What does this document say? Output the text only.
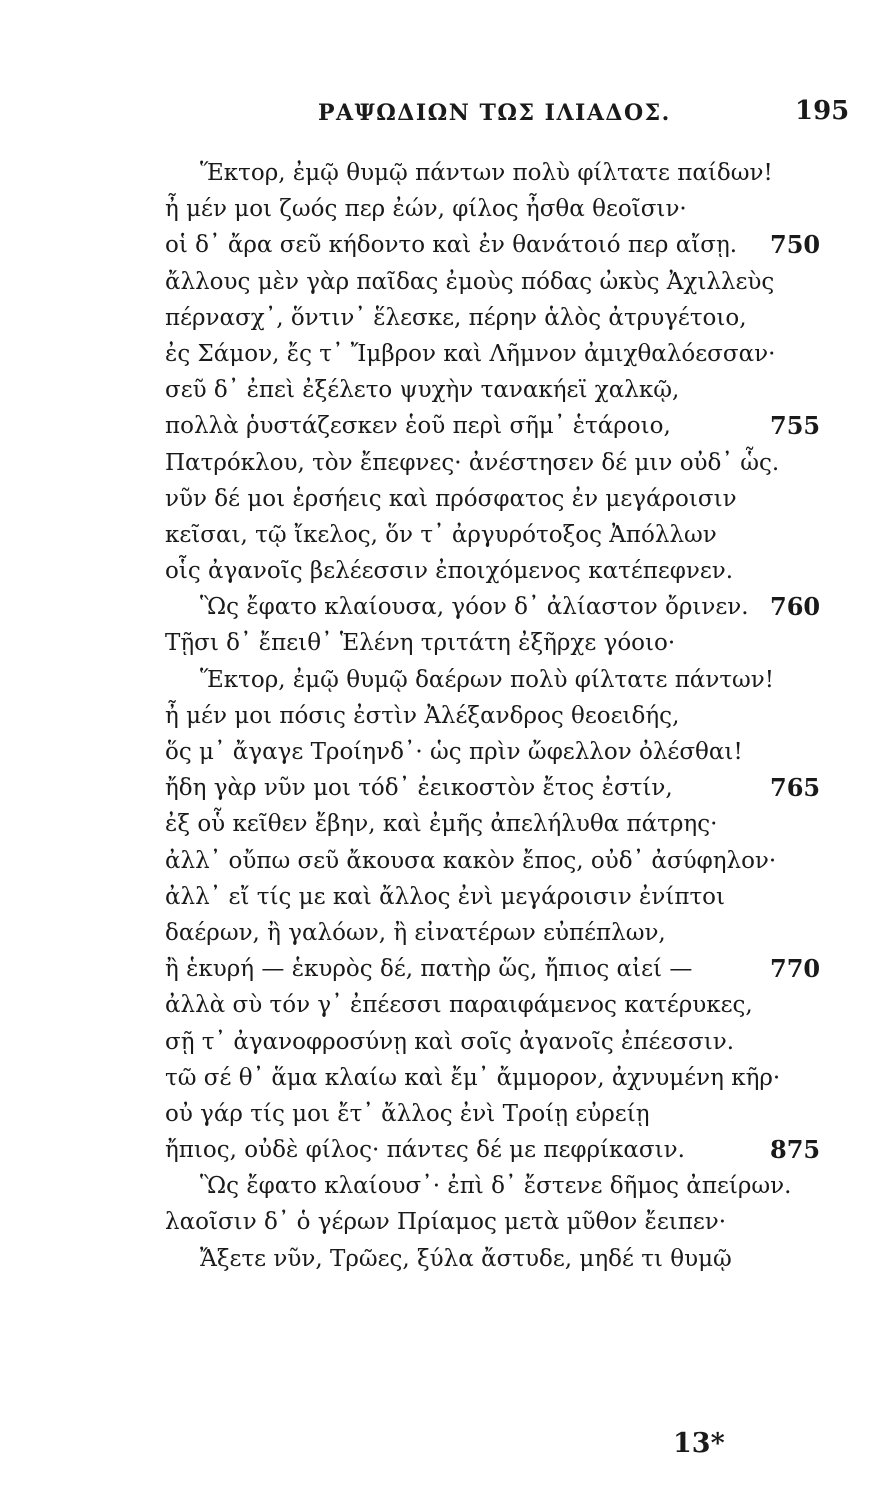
ΡΑΨΩΔΙΩΝ ΤΩΣ ΙΛΙΑΔΟΣ.	195
Ἕκτορ, ἐμῷ θυμῷ πάντων πολὺ φίλτατε παίδων!
ἦ μέν μοι ζωός περ ἐών, φίλος ἦσθα θεοῖσιν·
οἱ δ᾽ ἄρα σεῦ κήδοντο καὶ ἐν θανάτοιό περ αἴσῃ. 750
ἄλλους μὲν γὰρ παῖδας ἐμοὺς πόδας ὠκὺς Ἀχιλλεὺς
πέρνασχ᾽, ὅντιν᾽ ἕλεσκε, πέρην ἁλὸς ἀτρυγέτοιο,
ἐς Σάμον, ἔς τ᾽ Ἴμβρον καὶ Λῆμνον ἀμιχθαλόεσσαν·
σεῦ δ᾽ ἐπεὶ ἐξέλετο ψυχὴν τανακήεϊ χαλκῷ,
πολλὰ ῥυστάζεσκεν ἑοῦ περὶ σῆμ᾽ ἑτάροιο,	755
Πατρόκλου, τὸν ἔπεφνες· ἀνέστησεν δέ μιν οὐδ᾽ ὧς.
νῦν δέ μοι ἑρσήεις καὶ πρόσφατος ἐν μεγάροισιν
κεῖσαι, τῷ ἴκελος, ὅν τ᾽ ἀργυρότοξος Ἀπόλλων
οἷς ἀγανοῖς βελέεσσιν ἐποιχόμενος κατέπεφνεν.
Ὣς ἔφατο κλαίουσα, γόον δ᾽ ἀλίαστον ὄρινεν. 760
Τῇσι δ᾽ ἔπειθ᾽ Ἑλένη τριτάτη ἐξῆρχε γόοιο·
Ἕκτορ, ἐμῷ θυμῷ δαέρων πολὺ φίλτατε πάντων!
ἦ μέν μοι πόσις ἐστὶν Ἀλέξανδρος θεοειδής,
ὅς μ᾽ ἄγαγε Τροίηνδ᾽· ὡς πρὶν ὤφελλον ὀλέσθαι!
ἤδη γὰρ νῦν μοι τόδ᾽ ἐεικοστὸν ἔτος ἐστίν,	765
ἐξ οὗ κεῖθεν ἔβην, καὶ ἐμῆς ἀπελήλυθα πάτρης·
ἀλλ᾽ οὔπω σεῦ ἄκουσα κακὸν ἔπος, οὐδ᾽ ἀσύφηλον·
ἀλλ᾽ εἴ τίς με καὶ ἄλλος ἐνὶ μεγάροισιν ἐνίπτοι
δαέρων, ἢ γαλόων, ἢ εἰνατέρων εὐπέπλων,
ἢ ἑκυρή — ἑκυρὸς δέ, πατὴρ ὥς, ἤπιος αἰεί —	770
ἀλλὰ σὺ τόν γ᾽ ἐπέεσσι παραιφάμενος κατέρυκες,
σῇ τ᾽ ἀγανοφροσύνῃ καὶ σοῖς ἀγανοῖς ἐπέεσσιν.
τῶ σέ θ᾽ ἅμα κλαίω καὶ ἔμ᾽ ἄμμορον, ἀχνυμένη κῆρ·
οὐ γάρ τίς μοι ἔτ᾽ ἄλλος ἐνὶ Τροίῃ εὐρείῃ
ἤπιος, οὐδὲ φίλος· πάντες δέ με πεφρίκασιν.	875
Ὣς ἔφατο κλαίουσ᾽· ἐπὶ δ᾽ ἔστενε δῆμος ἀπείρων.
λαοῖσιν δ᾽ ὁ γέρων Πρίαμος μετὰ μῦθον ἔειπεν·
Ἄξετε νῦν, Τρῶες, ξύλα ἄστυδε, μηδέ τι θυμῷ
13*
